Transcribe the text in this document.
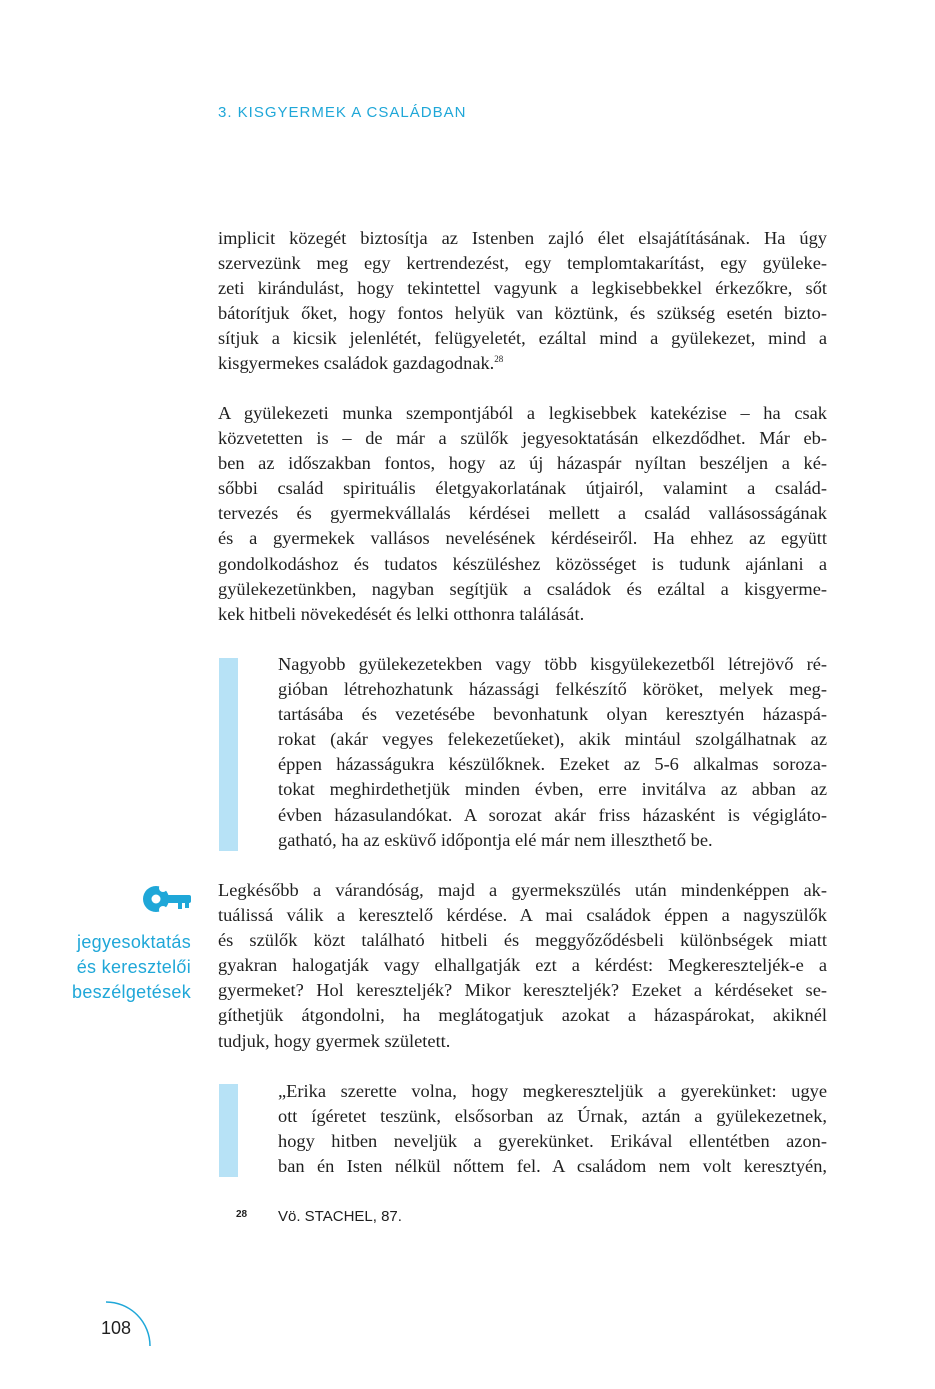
3. KISGYERMEK A CSALÁDBAN
implicit közegét biztosítja az Istenben zajló élet elsajátításának. Ha úgy
szervezünk meg egy kertrendezést, egy templomtakarítást, egy gyüleke-
zeti kirándulást, hogy tekintettel vagyunk a legkisebbekkel érkezőkre, sőt
bátorítjuk őket, hogy fontos helyük van köztünk, és szükség esetén bizto-
sítjuk a kicsik jelenlétét, felügyeletét, ezáltal mind a gyülekezet, mind a
kisgyermekes családok gazdagodnak.$^{28}$
A gyülekezeti munka szempontjából a legkisebbek katekézise – ha csak
közvetetten is – de már a szülők jegyesoktatásán elkezdődhet. Már eb-
ben az időszakban fontos, hogy az új házaspár nyíltan beszéljen a ké-
sőbbi család spirituális életgyakorlatának útjairól, valamint a család-
tervezés és gyermekvállalás kérdései mellett a család vallásosságának
és a gyermekek vallásos nevelésének kérdéseiről. Ha ehhez az együtt
gondolkodáshoz és tudatos készüléshez közösséget is tudunk ajánlani a
gyülekezetünkben, nagyban segítjük a családok és ezáltal a kisgyermе-
kek hitbeli növekedését és lelki otthonra találását.
Nagyobb gyülekezetekben vagy több kisgyülekezetből létrejövő ré-
gióban létrehozhatunk házassági felkészítő köröket, melyek meg-
tartásába és vezetésébe bevonhatunk olyan keresztyén házaspá-
rokat (akár vegyes felekezetűeket), akik mintául szolgálhatnak az
éppen házasságukra készülőknek. Ezeket az 5-6 alkalmas soroza-
tokat meghirdethetjük minden évben, erre invitálva az abban az
évben házasulandókat. A sorozat akár friss házasként is végiglátо-
gatható, ha az esküvő időpontja elé már nem illeszthető be.
jegyesoktatás
és keresztelői
beszélgetések
Legkésőbb a várandóság, majd a gyermekszülés után mindenképpen ak-
tuálissá válik a keresztelő kérdése. A mai családok éppen a nagyszülők
és szülők közt található hitbeli és meggyőződésbeli különbségek miatt
gyakran halogatják vagy elhallgatják ezt a kérdést: Megkereszteljék-e a
gyermeket? Hol kereszteljék? Mikor kereszteljék? Ezeket a kérdéseket se-
gíthetjük átgondolni, ha meglátogatjuk azokat a házaspárokat, akiknél
tudjuk, hogy gyermek született.
„Erika szerette volna, hogy megkereszteljük a gyerekünket: ugye
ott ígéretet teszünk, elsősorban az Úrnak, aztán a gyülekezetnek,
hogy hitben neveljük a gyerekünket. Erikával ellentétben azon-
ban én Isten nélkül nőttem fel. A családom nem volt keresztyén,
28 Vö. STACHEL, 87.
108
